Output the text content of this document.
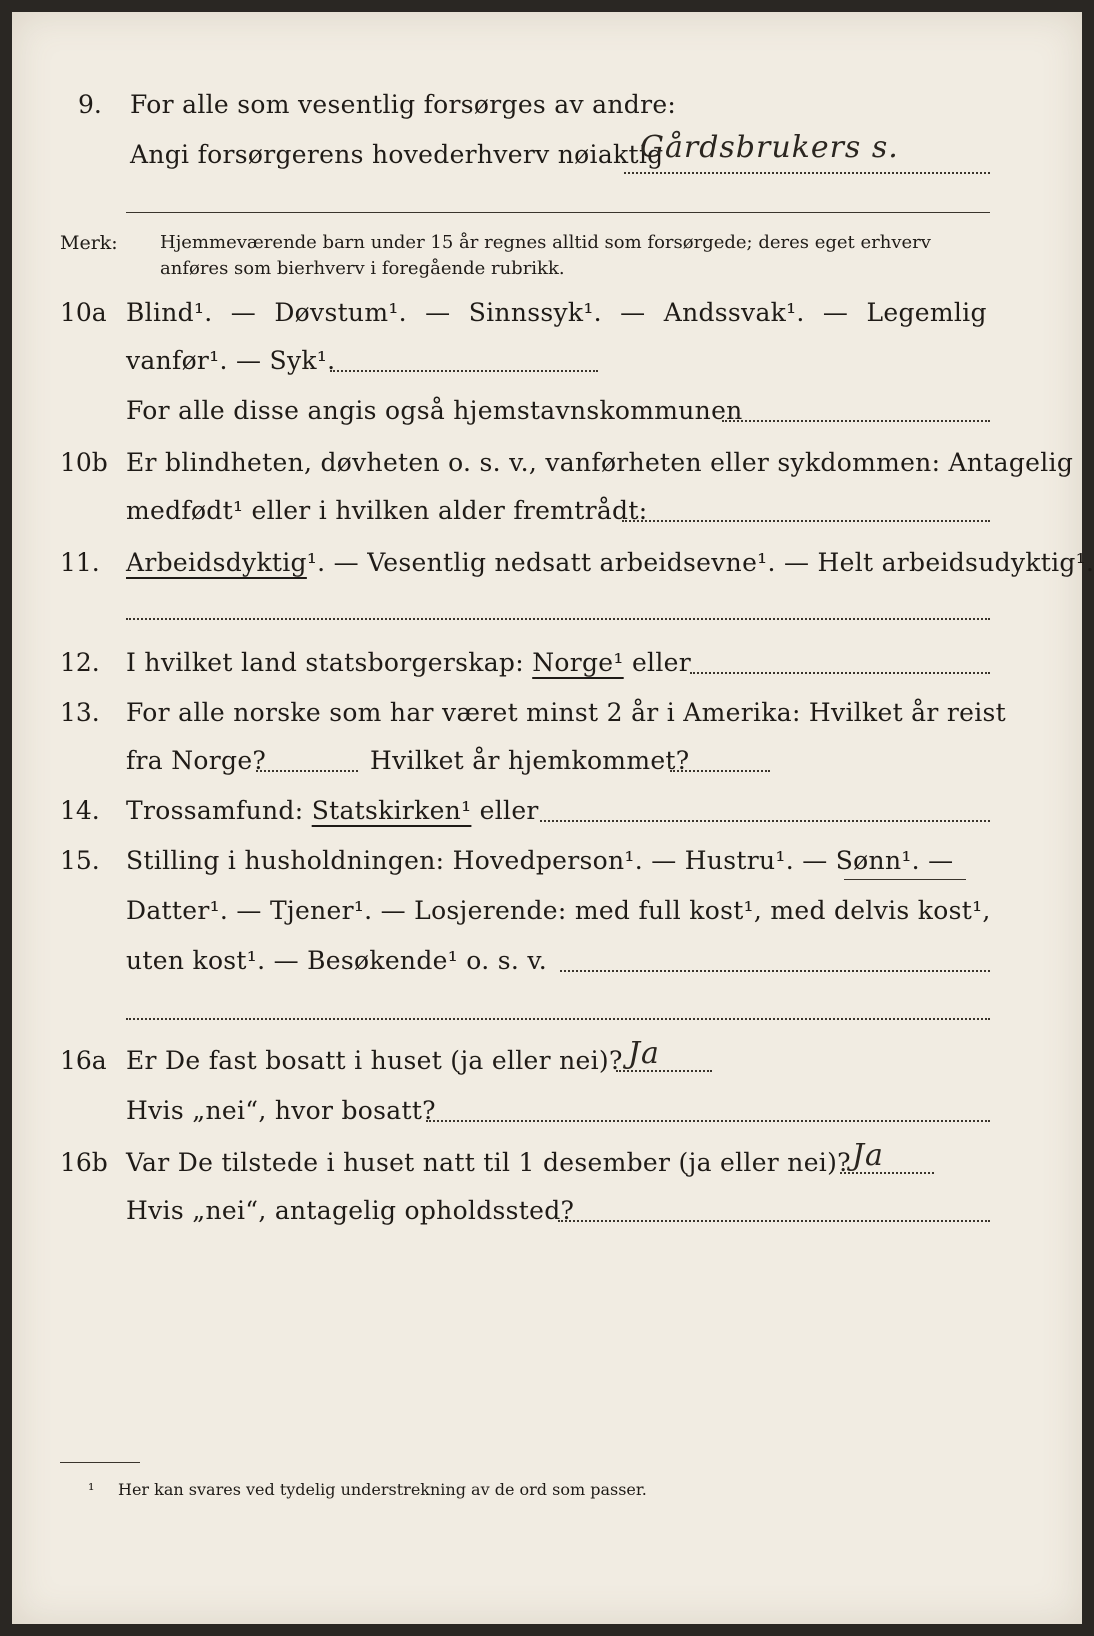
9. For alle som vesentlig forsørges av andre:
Angi forsørgerens hovederhverv nøiaktig
Gårdsbrukers s.
Merk: Hjemmeværende barn under 15 år regnes alltid som forsørgede; deres eget erhverv
anføres som bierhverv i foregående rubrikk.
10a Blind¹. — Døvstum¹. — Sinnssyk¹. — Andssvak¹. — Legemlig
vanfør¹. — Syk¹.
For alle disse angis også hjemstavnskommunen
10b Er blindheten, døvheten o. s. v., vanførheten eller sykdommen: Antagelig
medfødt¹ eller i hvilken alder fremtrådt:
11. Arbeidsdyktig¹. — Vesentlig nedsatt arbeidsevne¹. — Helt arbeidsudyktig¹.
12. I hvilket land statsborgerskap: Norge¹ eller
13. For alle norske som har været minst 2 år i Amerika: Hvilket år reist
fra Norge?	Hvilket år hjemkommet?
14. Trossamfund: Statskirken¹ eller
15. Stilling i husholdningen: Hovedperson¹. — Hustru¹. — Sønn¹. —
Datter¹. — Tjener¹. — Losjerende: med full kost¹, med delvis kost¹,
uten kost¹. — Besøkende¹ o. s. v.
16a Er De fast bosatt i huset (ja eller nei)? Ja
Hvis „nei“, hvor bosatt?
16b Var De tilstede i huset natt til 1 desember (ja eller nei)? Ja
Hvis „nei“, antagelig opholdssted?
¹ Her kan svares ved tydelig understrekning av de ord som passer.
